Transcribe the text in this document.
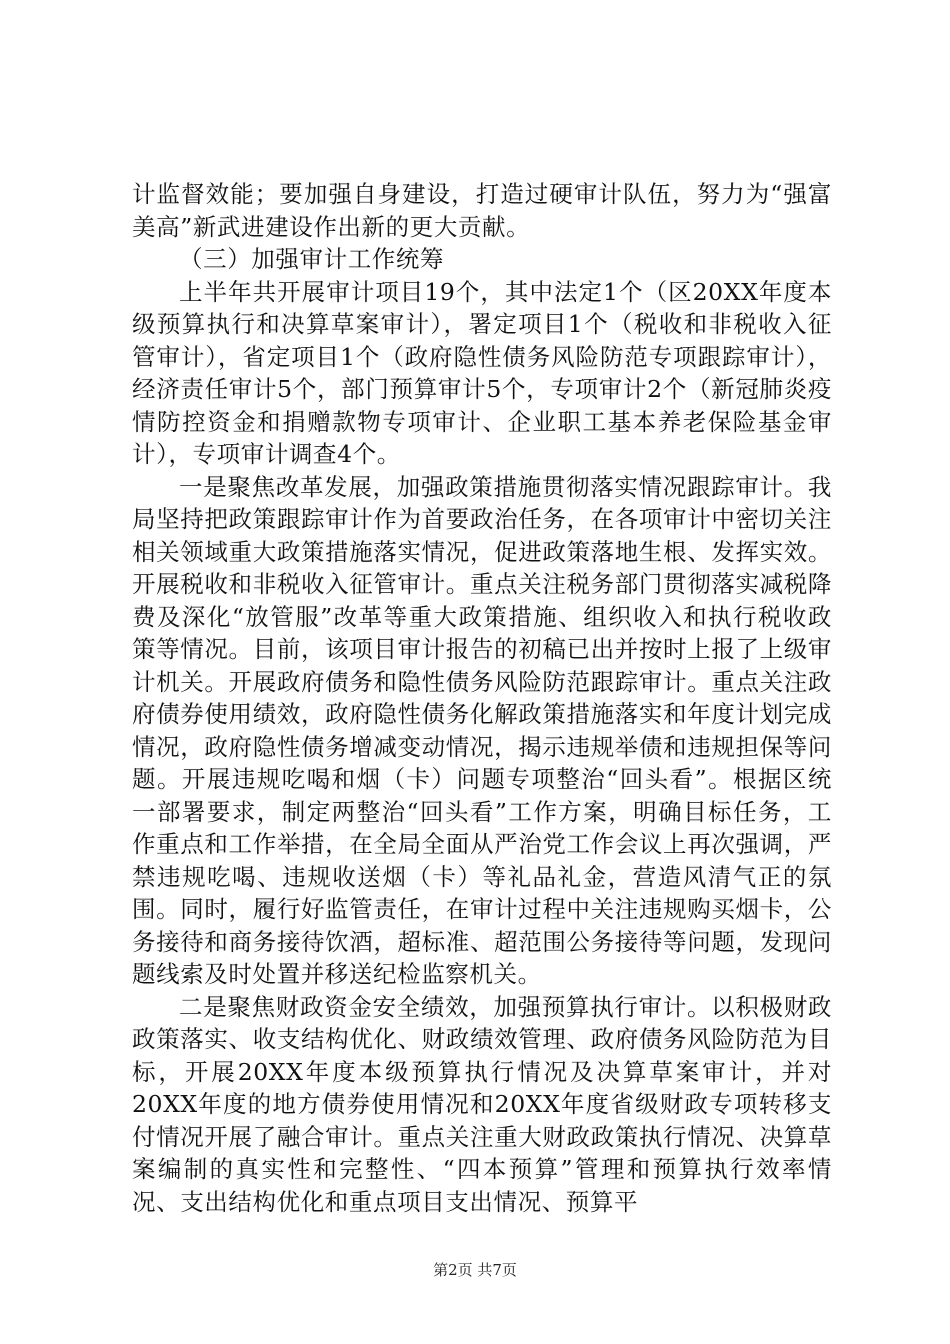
计监督效能；要加强自身建设，打造过硬审计队伍，努力为“强富美高”新武进建设作出新的更大贡献。

（三）加强审计工作统筹

上半年共开展审计项目19个，其中法定1个（区20XX年度本级预算执行和决算草案审计），署定项目1个（税收和非税收入征管审计），省定项目1个（政府隐性债务风险防范专项跟踪审计），经济责任审计5个，部门预算审计5个，专项审计2个（新冠肺炎疫情防控资金和捐赠款物专项审计、企业职工基本养老保险基金审计），专项审计调查4个。

一是聚焦改革发展，加强政策措施贯彻落实情况跟踪审计。我局坚持把政策跟踪审计作为首要政治任务，在各项审计中密切关注相关领域重大政策措施落实情况，促进政策落地生根、发挥实效。开展税收和非税收入征管审计。重点关注税务部门贯彻落实减税降费及深化“放管服”改革等重大政策措施、组织收入和执行税收政策等情况。目前，该项目审计报告的初稿已出并按时上报了上级审计机关。开展政府债务和隐性债务风险防范跟踪审计。重点关注政府债券使用绩效，政府隐性债务化解政策措施落实和年度计划完成情况，政府隐性债务增减变动情况，揭示违规举债和违规担保等问题。开展违规吃喝和烟（卡）问题专项整治“回头看”。根据区统一部署要求，制定两整治“回头看”工作方案，明确目标任务，工作重点和工作举措，在全局全面从严治党工作会议上再次强调，严禁违规吃喝、违规收送烟（卡）等礼品礼金，营造风清气正的氛围。同时，履行好监管责任，在审计过程中关注违规购买烟卡，公务接待和商务接待饮酒，超标准、超范围公务接待等问题，发现问题线索及时处置并移送纪检监察机关。

二是聚焦财政资金安全绩效，加强预算执行审计。以积极财政政策落实、收支结构优化、财政绩效管理、政府债务风险防范为目标，开展20XX年度本级预算执行情况及决算草案审计，并对20XX年度的地方债券使用情况和20XX年度省级财政专项转移支付情况开展了融合审计。重点关注重大财政政策执行情况、决算草案编制的真实性和完整性、“四本预算”管理和预算执行效率情况、支出结构优化和重点项目支出情况、预算平

第2页 共7页
